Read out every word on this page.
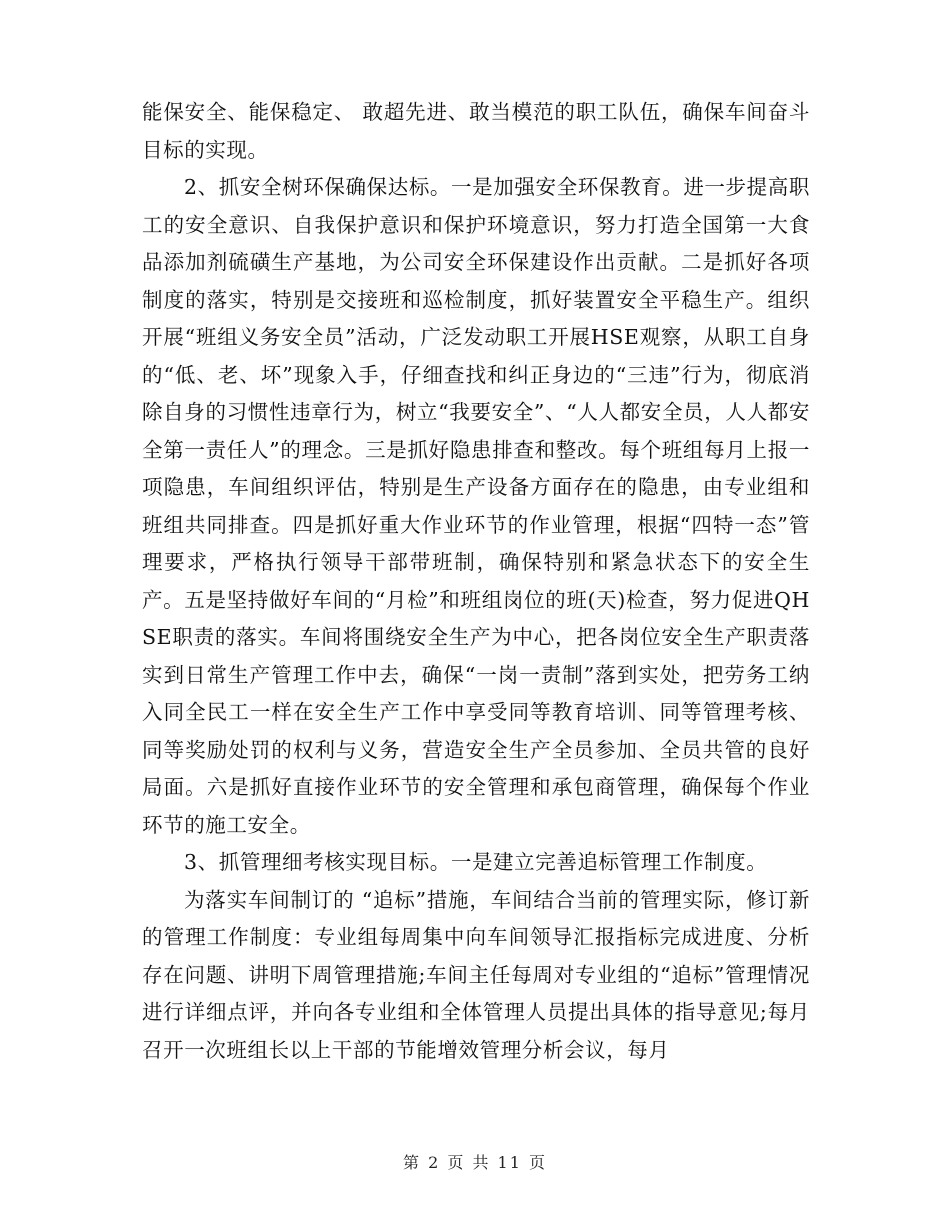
能保安全、能保稳定、 敢超先进、敢当模范的职工队伍，确保车间奋斗目标的实现。

2、抓安全树环保确保达标。一是加强安全环保教育。进一步提高职工的安全意识、自我保护意识和保护环境意识，努力打造全国第一大食品添加剂硫磺生产基地，为公司安全环保建设作出贡献。二是抓好各项制度的落实，特别是交接班和巡检制度，抓好装置安全平稳生产。组织开展“班组义务安全员”活动，广泛发动职工开展HSE观察，从职工自身的“低、老、坏”现象入手，仔细查找和纠正身边的“三违”行为，彻底消除自身的习惯性违章行为，树立“我要安全”、“人人都安全员，人人都安全第一责任人”的理念。三是抓好隐患排查和整改。每个班组每月上报一项隐患，车间组织评估，特别是生产设备方面存在的隐患，由专业组和班组共同排查。四是抓好重大作业环节的作业管理，根据“四特一态”管理要求，严格执行领导干部带班制，确保特别和紧急状态下的安全生产。五是坚持做好车间的“月检”和班组岗位的班(天)检查，努力促进QHSE职责的落实。车间将围绕安全生产为中心，把各岗位安全生产职责落实到日常生产管理工作中去，确保“一岗一责制”落到实处，把劳务工纳入同全民工一样在安全生产工作中享受同等教育培训、同等管理考核、同等奖励处罚的权利与义务，营造安全生产全员参加、全员共管的良好局面。六是抓好直接作业环节的安全管理和承包商管理，确保每个作业环节的施工安全。

3、抓管理细考核实现目标。一是建立完善追标管理工作制度。

为落实车间制订的 “追标”措施，车间结合当前的管理实际，修订新的管理工作制度：专业组每周集中向车间领导汇报指标完成进度、分析存在问题、讲明下周管理措施;车间主任每周对专业组的“追标”管理情况进行详细点评，并向各专业组和全体管理人员提出具体的指导意见;每月召开一次班组长以上干部的节能增效管理分析会议，每月

第 2 页 共 11 页
